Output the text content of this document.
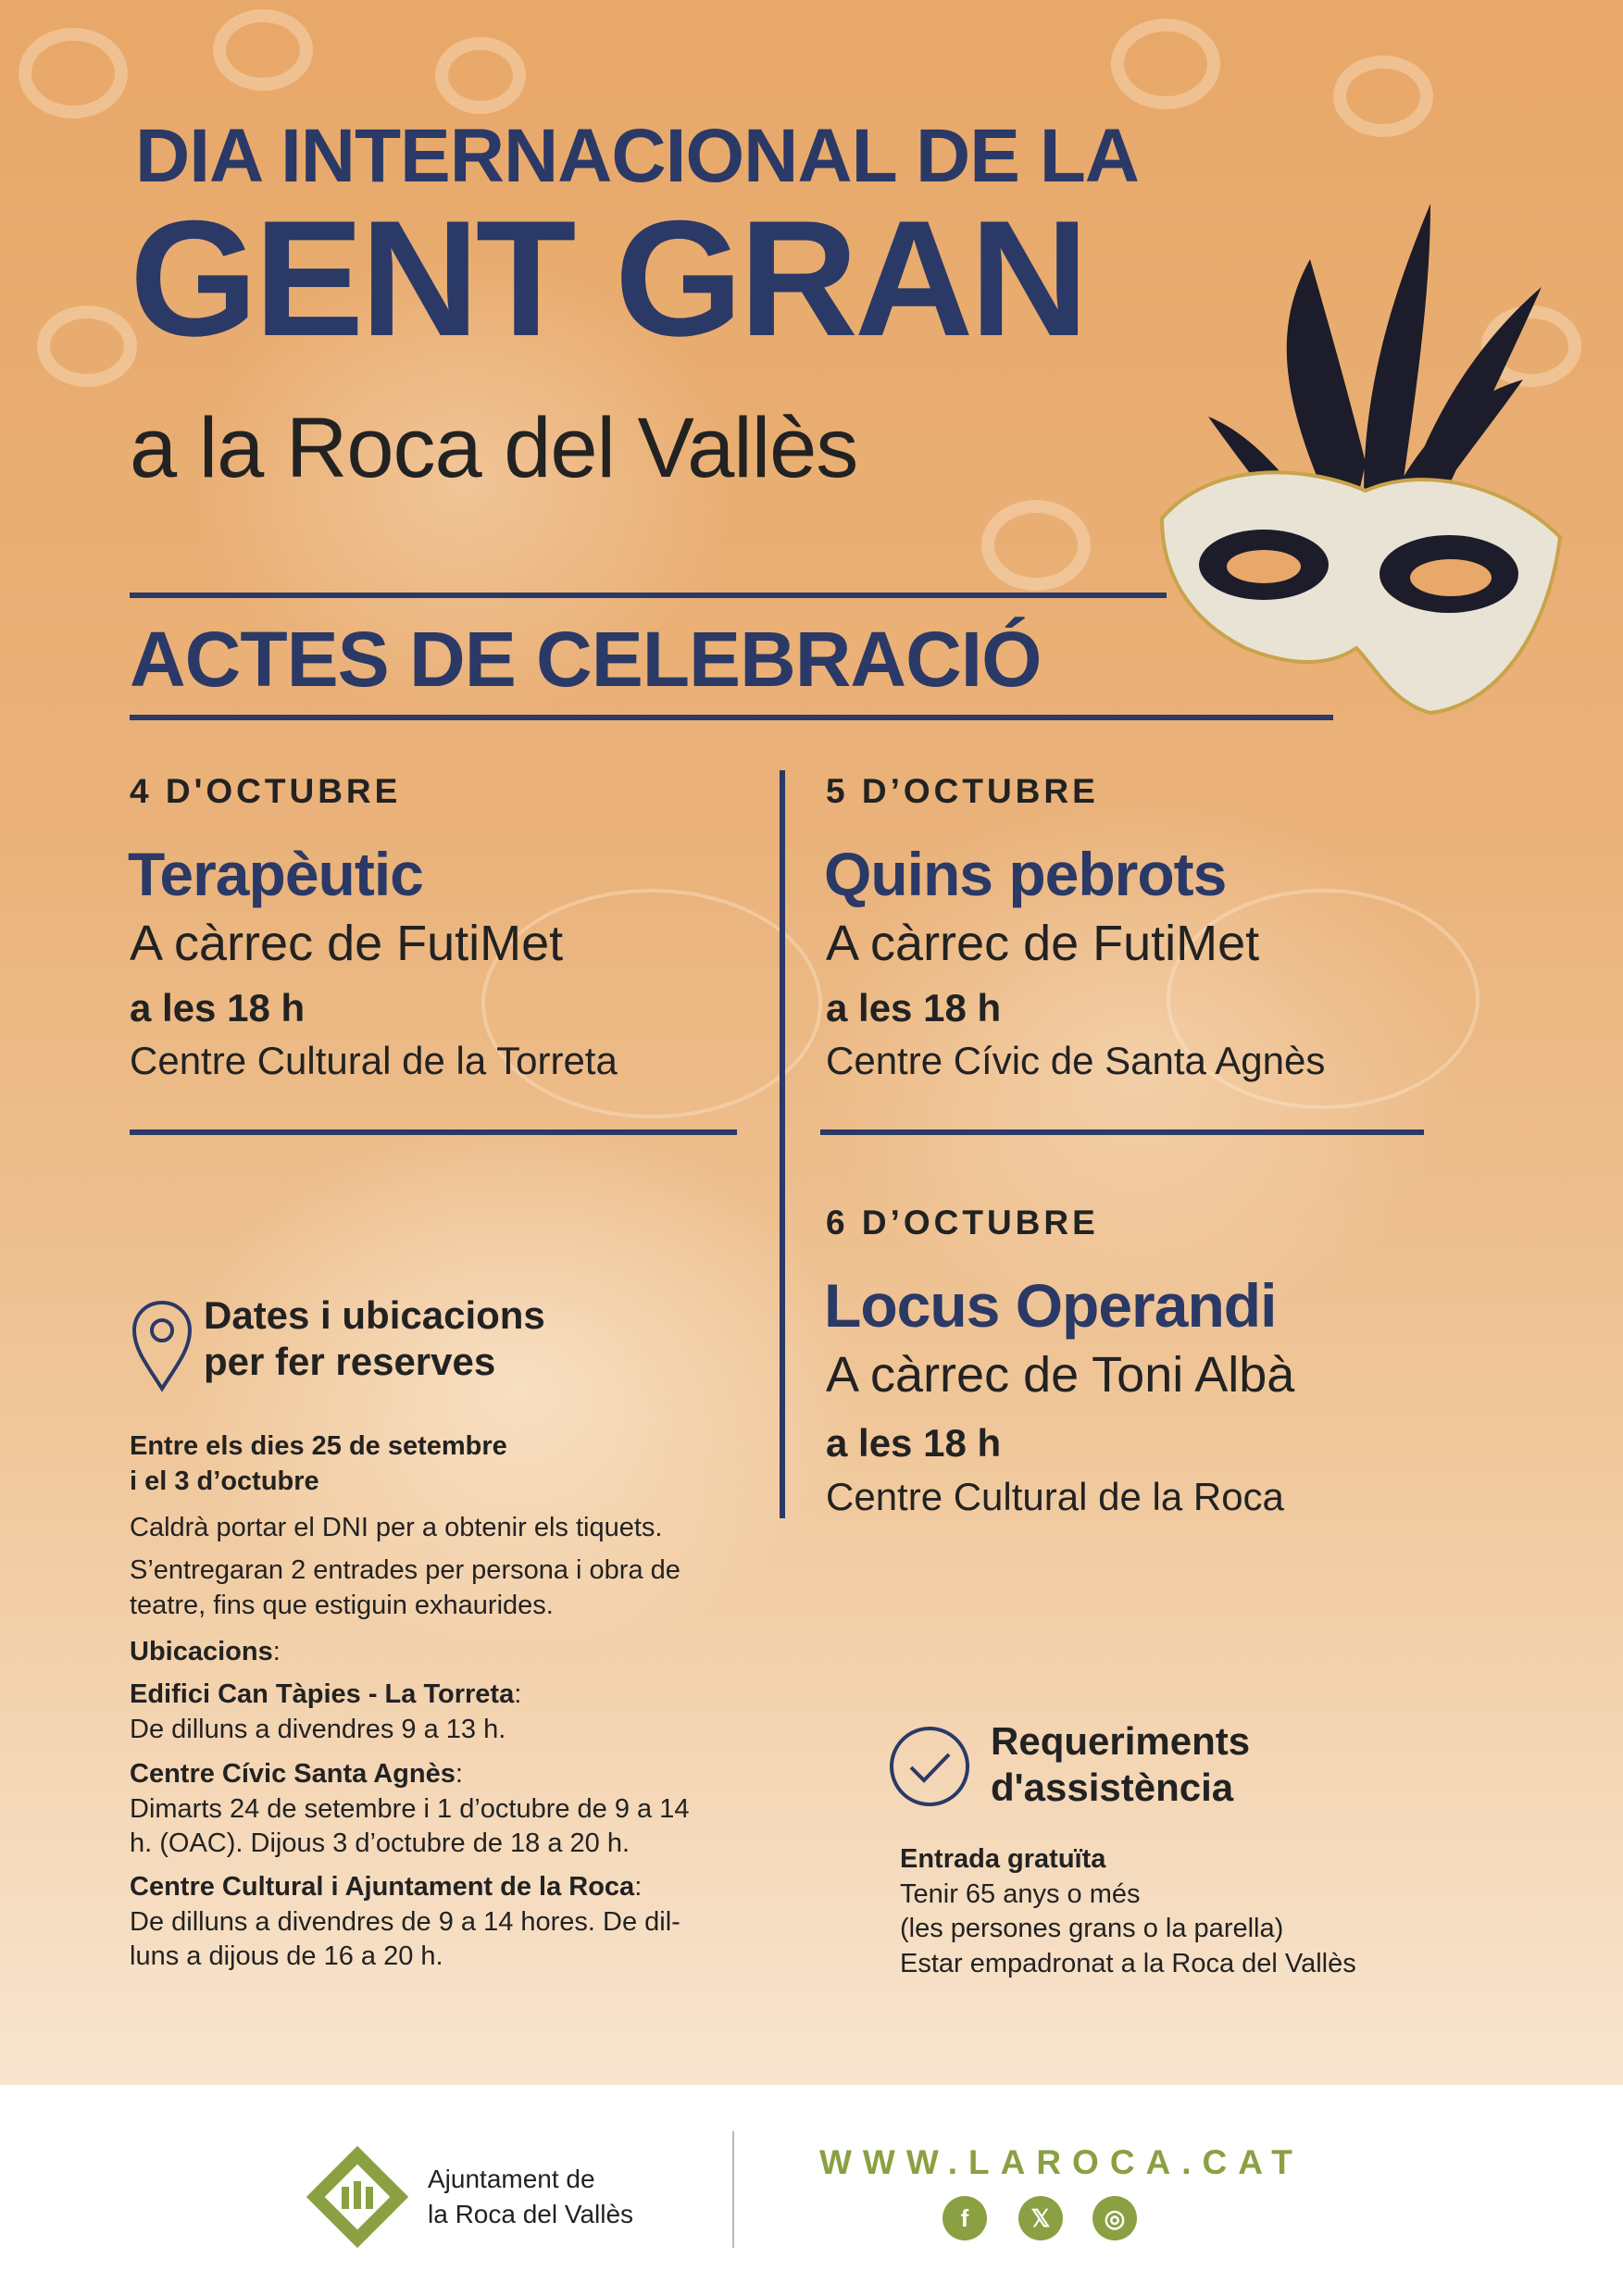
DIA INTERNACIONAL DE LA
GENT GRAN
a la Roca del Vallès
ACTES DE CELEBRACIÓ
4 D'OCTUBRE
Terapèutic
A càrrec de FutiMet
a les 18 h
Centre Cultural de la Torreta
5 D’OCTUBRE
Quins pebrots
A càrrec de FutiMet
a les 18 h
Centre Cívic de Santa Agnès
6 D’OCTUBRE
Locus Operandi
A càrrec de Toni Albà
a les 18 h
Centre Cultural de la Roca
Dates i ubicacions
per fer reserves
Entre els dies 25 de setembre
i el 3 d’octubre
Caldrà portar el DNI per a obtenir els tiquets.
S’entregaran 2 entrades per persona i obra de
teatre, fins que estiguin exhaurides.
Ubicacions:
Edifici Can Tàpies - La Torreta:
De dilluns a divendres 9 a 13 h.
Centre Cívic Santa Agnès:
Dimarts 24 de setembre i 1 d’octubre de 9 a 14
h. (OAC). Dijous 3 d’octubre de 18 a 20 h.
Centre Cultural i Ajuntament de la Roca:
De dilluns a divendres de 9 a 14 hores. De dil-
luns a dijous de 16 a 20 h.
Requeriments
d'assistència
Entrada gratuïta
Tenir 65 anys o més
(les persones grans o la parella)
Estar empadronat a la Roca del Vallès
Ajuntament de
la Roca del Vallès
WWW.LAROCA.CAT
f	𝕏	◎
